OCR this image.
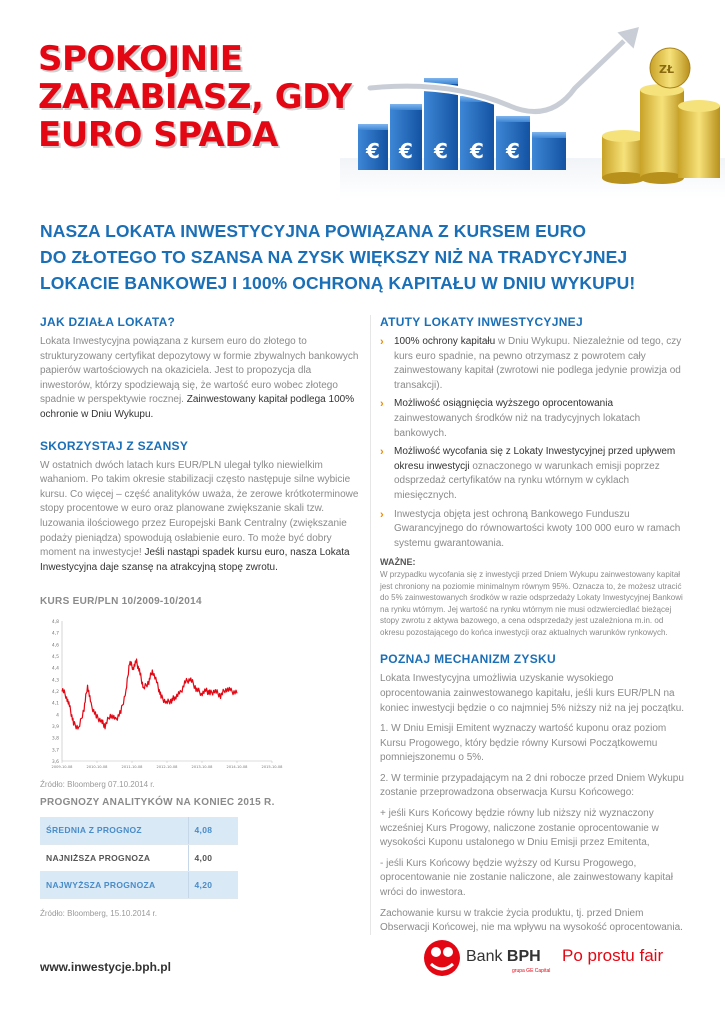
SPOKOJNIE
ZARABIASZ, GDY
EURO SPADA	€ € € € €
ZŁ
NASZA LOKATA INWESTYCYJNA POWIĄZANA Z KURSEM EURO
DO ZŁOTEGO TO SZANSA NA ZYSK WIĘKSZY NIŻ NA TRADYCYJNEJ
LOKACIE BANKOWEJ I 100% OCHRONĄ KAPITAŁU W DNIU WYKUPU!
JAK DZIAŁA LOKATA?

Lokata Inwestycyjna powiązana z kursem euro do złotego to strukturyzowany certyfikat depozytowy w formie zbywalnych bankowych papierów wartościowych na okaziciela. Jest to propozycja dla inwestorów, którzy spodziewają się, że wartość euro wobec złotego spadnie w perspektywie rocznej. Zainwestowany kapitał podlega 100% ochronie w Dniu Wykupu.

SKORZYSTAJ Z SZANSY

W ostatnich dwóch latach kurs EUR/PLN ulegał tylko niewielkim wahaniom. Po takim okresie stabilizacji często następuje silne wybicie kursu. Co więcej – część analityków uważa, że zerowe krótkoterminowe stopy procentowe w euro oraz planowane zwiększanie skali tzw. luzowania ilościowego przez Europejski Bank Centralny (zwiększanie podaży pieniądza) spowodują osłabienie euro. To może być dobry moment na inwestycje! Jeśli nastąpi spadek kursu euro, nasza Lokata Inwestycyjna daje szansę na atrakcyjną stopę zwrotu.

KURS EUR/PLN 10/2009-10/2014
3,6
3,7
3,8
3,9
4
4,1
4,2
4,3
4,4
4,5
4,6
4,7
4,8
2009-10-08	2010-10-08	2011-10-08	2012-10-08	2013-10-08	2014-10-08	2015-10-08
Źródło: Bloomberg 07.10.2014 r.
PROGNOZY ANALITYKÓW NA KONIEC 2015 R.
ŚREDNIA Z PROGNOZ	4,08
NAJNIŻSZA PROGNOZA	4,00
NAJWYŻSZA PROGNOZA	4,20
Źródło: Bloomberg, 15.10.2014 r.
ATUTY LOKATY INWESTYCYJNEJ
› 100% ochrony kapitału w Dniu Wykupu. Niezależnie od tego, czy kurs euro spadnie, na pewno otrzymasz z powrotem cały zainwestowany kapitał (zwrotowi nie podlega jedynie prowizja od transakcji).
› Możliwość osiągnięcia wyższego oprocentowania zainwestowanych środków niż na tradycyjnych lokatach bankowych.
› Możliwość wycofania się z Lokaty Inwestycyjnej przed upływem okresu inwestycji oznaczonego w warunkach emisji poprzez odsprzedaż certyfikatów na rynku wtórnym w cyklach miesięcznych.
› Inwestycja objęta jest ochroną Bankowego Funduszu Gwarancyjnego do równowartości kwoty 100 000 euro w ramach systemu gwarantowania.
WAŻNE:

W przypadku wycofania się z inwestycji przed Dniem Wykupu zainwestowany kapitał jest chroniony na poziomie minimalnym równym 95%. Oznacza to, że możesz utracić do 5% zainwestowanych środków w razie odsprzedaży Lokaty Inwestycyjnej Bankowi na rynku wtórnym. Jej wartość na rynku wtórnym nie musi odzwierciedlać bieżącej stopy zwrotu z aktywa bazowego, a cena odsprzedaży jest uzależniona m.in. od okresu pozostającego do końca inwestycji oraz aktualnych warunków rynkowych.

POZNAJ MECHANIZM ZYSKU

Lokata Inwestycyjna umożliwia uzyskanie wysokiego oprocentowania zainwestowanego kapitału, jeśli kurs EUR/PLN na koniec inwestycji będzie o co najmniej 5% niższy niż na jej początku.

1. W Dniu Emisji Emitent wyznaczy wartość kuponu oraz poziom Kursu Progowego, który będzie równy Kursowi Początkowemu pomniejszonemu o 5%.

2. W terminie przypadającym na 2 dni robocze przed Dniem Wykupu zostanie przeprowadzona obserwacja Kursu Końcowego:

+ jeśli Kurs Końcowy będzie równy lub niższy niż wyznaczony wcześniej Kurs Progowy, naliczone zostanie oprocentowanie w wysokości Kuponu ustalonego w Dniu Emisji przez Emitenta,

- jeśli Kurs Końcowy będzie wyższy od Kursu Progowego, oprocentowanie nie zostanie naliczone, ale zainwestowany kapitał wróci do inwestora.

Zachowanie kursu w trakcie życia produktu, tj. przed Dniem Obserwacji Końcowej, nie ma wpływu na wysokość oprocentowania.

www.inwestycje.bph.pl
Bank BPH
grupa GE Capital
Po prostu fair
